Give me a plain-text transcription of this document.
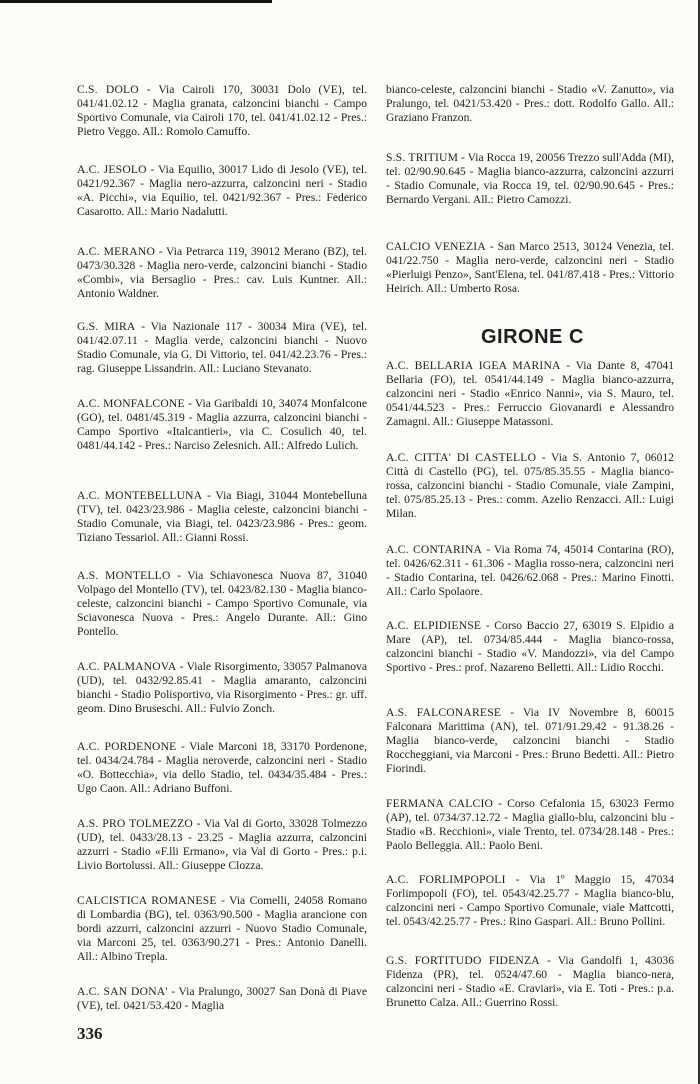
C.S. DOLO - Via Cairoli 170, 30031 Dolo (VE), tel. 041/41.02.12 - Maglia granata, calzoncini bianchi - Campo Sportivo Comunale, via Cairoli 170, tel. 041/41.02.12 - Pres.: Pietro Veggo. All.: Romolo Camuffo.
A.C. JESOLO - Via Equilio, 30017 Lido di Jesolo (VE), tel. 0421/92.367 - Maglia nero-azzurra, calzoncini neri - Stadio «A. Picchi», via Equilio, tel. 0421/92.367 - Pres.: Federico Casarotto. All.: Mario Nadalutti.
A.C. MERANO - Via Petrarca 119, 39012 Merano (BZ), tel. 0473/30.328 - Maglia nero-verde, calzoncini bianchi - Stadio «Combi», via Bersaglio - Pres.: cav. Luis Kuntner. All.: Antonio Waldner.
G.S. MIRA - Via Nazionale 117 - 30034 Mira (VE), tel. 041/42.07.11 - Maglia verde, calzoncini bianchi - Nuovo Stadio Comunale, via G. Di Vittorio, tel. 041/42.23.76 - Pres.: rag. Giuseppe Lissandrin. All.: Luciano Stevanato.
A.C. MONFALCONE - Via Garibaldi 10, 34074 Monfalcone (GO), tel. 0481/45.319 - Maglia azzurra, calzoncini bianchi - Campo Sportivo «Italcantieri», via C. Cosulich 40, tel. 0481/44.142 - Pres.: Narciso Zelesnich. All.: Alfredo Lulich.
A.C. MONTEBELLUNA - Via Biagi, 31044 Montebelluna (TV), tel. 0423/23.986 - Maglia celeste, calzoncini bianchi - Stadio Comunale, via Biagi, tel. 0423/23.986 - Pres.: geom. Tiziano Tessariol. All.: Gianni Rossi.
A.S. MONTELLO - Via Schiavonesca Nuova 87, 31040 Volpago del Montello (TV), tel. 0423/82.130 - Maglia bianco-celeste, calzoncini bianchi - Campo Sportivo Comunale, via Sciavonesca Nuova - Pres.: Angelo Durante. All.: Gino Pontello.
A.C. PALMANOVA - Viale Risorgimento, 33057 Palmanova (UD), tel. 0432/92.85.41 - Maglia amaranto, calzoncini bianchi - Stadio Polisportivo, via Risorgimento - Pres.: gr. uff. geom. Dino Bruseschi. All.: Fulvio Zonch.
A.C. PORDENONE - Viale Marconi 18, 33170 Pordenone, tel. 0434/24.784 - Maglia neroverde, calzoncini neri - Stadio «O. Bottecchia», via dello Stadio, tel. 0434/35.484 - Pres.: Ugo Caon. All.: Adriano Buffoni.
A.S. PRO TOLMEZZO - Via Val di Gorto, 33028 Tolmezzo (UD), tel. 0433/28.13 - 23.25 - Maglia azzurra, calzoncini azzurri - Stadio «F.lli Ermano», via Val di Gorto - Pres.: p.i. Livio Bortolussi. All.: Giuseppe Clozza.
CALCISTICA ROMANESE - Via Comelli, 24058 Romano di Lombardia (BG), tel. 0363/90.500 - Maglia arancione con bordi azzurri, calzoncini azzurri - Nuovo Stadio Comunale, via Marconi 25, tel. 0363/90.271 - Pres.: Antonio Danelli. All.: Albino Trepla.
A.C. SAN DONA' - Via Pralungo, 30027 San Donà di Piave (VE), tel. 0421/53.420 - Maglia
336
bianco-celeste, calzoncini bianchi - Stadio «V. Zanutto», via Pralungo, tel. 0421/53.420 - Pres.: dott. Rodolfo Gallo. All.: Graziano Franzon.
S.S. TRITIUM - Via Rocca 19, 20056 Trezzo sull'Adda (MI), tel. 02/90.90.645 - Maglia bianco-azzurra, calzoncini azzurri - Stadio Comunale, via Rocca 19, tel. 02/90.90.645 - Pres.: Bernardo Vergani. All.: Pietro Camozzi.
CALCIO VENEZIA - San Marco 2513, 30124 Venezia, tel. 041/22.750 - Maglia nero-verde, calzoncini neri - Stadio «Pierluigi Penzo», Sant'Elena, tel. 041/87.418 - Pres.: Vittorio Heirich. All.: Umberto Rosa.
GIRONE C
A.C. BELLARIA IGEA MARINA - Via Dante 8, 47041 Bellaria (FO), tel. 0541/44.149 - Maglia bianco-azzurra, calzoncini neri - Stadio «Enrico Nanni», via S. Mauro, tel. 0541/44.523 - Pres.: Ferruccio Giovanardi e Alessandro Zamagni. All.: Giuseppe Matassoni.
A.C. CITTA' DI CASTELLO - Via S. Antonio 7, 06012 Città di Castello (PG), tel. 075/85.35.55 - Maglia bianco-rossa, calzoncini bianchi - Stadio Comunale, viale Zampini, tel. 075/85.25.13 - Pres.: comm. Azelio Renzacci. All.: Luigi Milan.
A.C. CONTARINA - Via Roma 74, 45014 Contarina (RO), tel. 0426/62.311 - 61.306 - Maglia rosso-nera, calzoncini neri - Stadio Contarina, tel. 0426/62.068 - Pres.: Marino Finotti. All.: Carlo Spolaore.
A.C. ELPIDIENSE - Corso Baccio 27, 63019 S. Elpidio a Mare (AP), tel. 0734/85.444 - Maglia bianco-rossa, calzoncini bianchi - Stadio «V. Mandozzi», via del Campo Sportivo - Pres.: prof. Nazareno Belletti. All.: Lidio Rocchi.
A.S. FALCONARESE - Via IV Novembre 8, 60015 Falconara Marittima (AN), tel. 071/91.29.42 - 91.38.26 - Maglia bianco-verde, calzoncini bianchi - Stadio Roccheggiani, via Marconi - Pres.: Bruno Bedetti. All.: Pietro Fiorindi.
FERMANA CALCIO - Corso Cefalonia 15, 63023 Fermo (AP), tel. 0734/37.12.72 - Maglia giallo-blu, calzoncini blu - Stadio «B. Recchioni», viale Trento, tel. 0734/28.148 - Pres.: Paolo Belleggia. All.: Paolo Beni.
A.C. FORLIMPOPOLI - Via 1º Maggio 15, 47034 Forlimpopoli (FO), tel. 0543/42.25.77 - Maglia bianco-blu, calzoncini neri - Campo Sportivo Comunale, viale Mattcotti, tel. 0543/42.25.77 - Pres.: Rino Gaspari. All.: Bruno Pollini.
G.S. FORTITUDO FIDENZA - Via Gandolfi 1, 43036 Fidenza (PR), tel. 0524/47.60 - Maglia bianco-nera, calzoncini neri - Stadio «E. Craviari», via E. Toti - Pres.: p.a. Brunetto Calza. All.: Guerrino Rossi.
